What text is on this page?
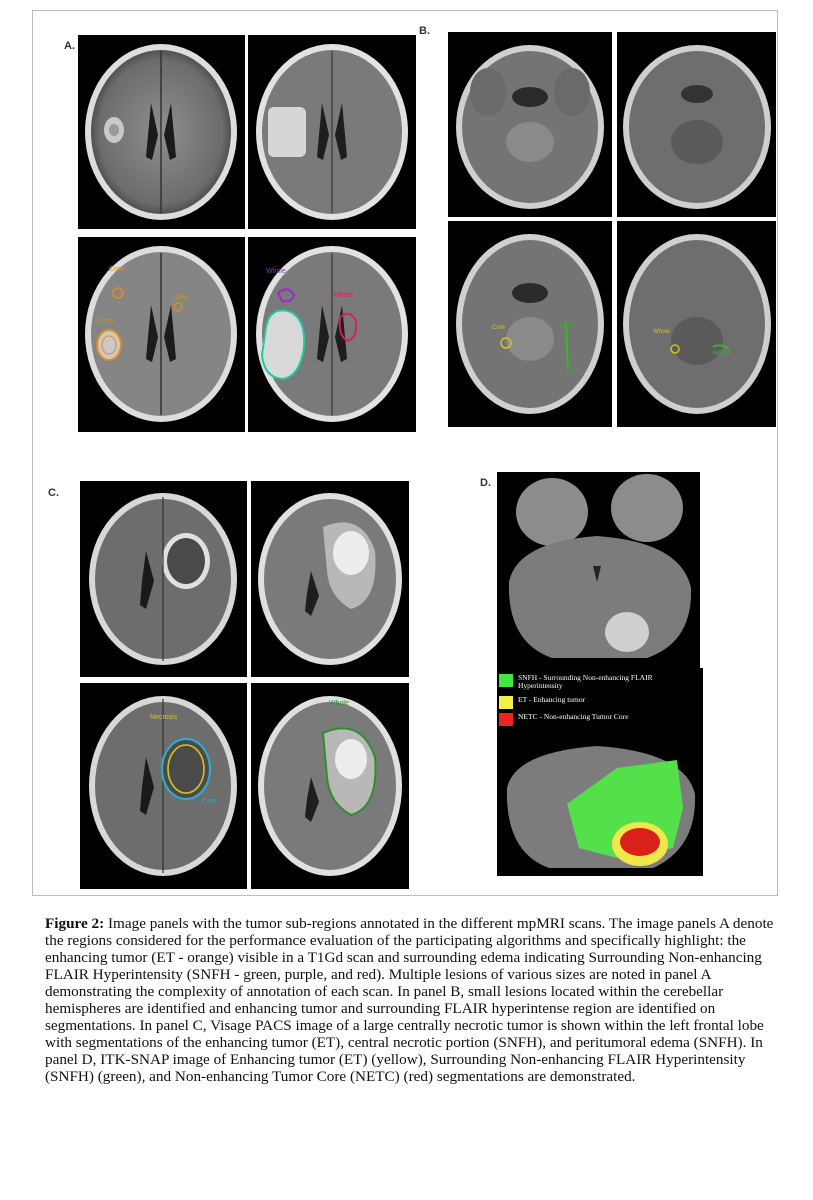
A.
B.
C.
D.
Core
Core
Core
Whole
Whole
Core	Core
Whole
Whole
Necrosis
Core
Whole
SNFH - Surrounding Non-enhancing FLAIR Hyperintensity
ET - Enhancing tumor
NETC - Non-enhancing Tumor Core
Figure 2: Image panels with the tumor sub-regions annotated in the different mpMRI scans. The image panels A denote the regions considered for the performance evaluation of the participating algorithms and specifically highlight: the enhancing tumor (ET - orange) visible in a T1Gd scan and surrounding edema indicating Surrounding Non-enhancing FLAIR Hyperintensity (SNFH - green, purple, and red). Multiple lesions of various sizes are noted in panel A demonstrating the complexity of annotation of each scan. In panel B, small lesions located within the cerebellar hemispheres are identified and enhancing tumor and surrounding FLAIR hyperintense region are identified on segmentations. In panel C, Visage PACS image of a large centrally necrotic tumor is shown within the left frontal lobe with segmentations of the enhancing tumor (ET), central necrotic portion (SNFH), and peritumoral edema (SNFH). In panel D, ITK-SNAP image of Enhancing tumor (ET) (yellow), Surrounding Non-enhancing FLAIR Hyperintensity (SNFH) (green), and Non-enhancing Tumor Core (NETC) (red) segmentations are demonstrated.
